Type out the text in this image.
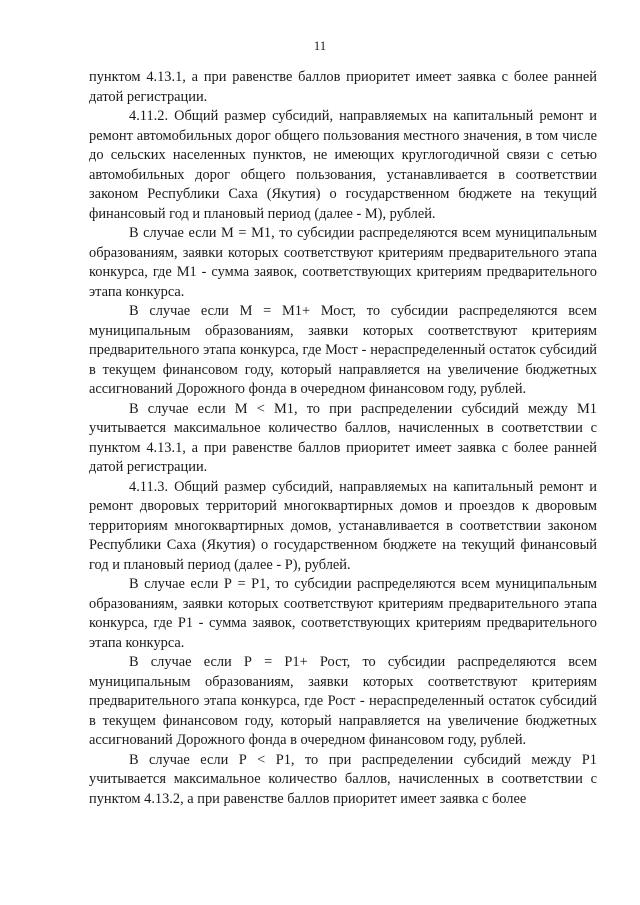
11

пунктом 4.13.1, а при равенстве баллов приоритет имеет заявка с более ранней датой регистрации.

4.11.2. Общий размер субсидий, направляемых на капитальный ремонт и ремонт автомобильных дорог общего пользования местного значения, в том числе до сельских населенных пунктов, не имеющих круглогодичной связи с сетью автомобильных дорог общего пользования, устанавливается в соответствии законом Республики Саха (Якутия) о государственном бюджете на текущий финансовый год и плановый период (далее - М), рублей.

В случае если М = М1, то субсидии распределяются всем муниципальным образованиям, заявки которых соответствуют критериям предварительного этапа конкурса, где М1 - сумма заявок, соответствующих критериям предварительного этапа конкурса.

В случае если М = М1+ Мост, то субсидии распределяются всем муниципальным образованиям, заявки которых соответствуют критериям предварительного этапа конкурса, где Мост - нераспределенный остаток субсидий в текущем финансовом году, который направляется на увеличение бюджетных ассигнований Дорожного фонда в очередном финансовом году, рублей.

В случае если М < М1, то при распределении субсидий между М1 учитывается максимальное количество баллов, начисленных в соответствии с пунктом 4.13.1, а при равенстве баллов приоритет имеет заявка с более ранней датой регистрации.

4.11.3. Общий размер субсидий, направляемых на капитальный ремонт и ремонт дворовых территорий многоквартирных домов и проездов к дворовым территориям многоквартирных домов, устанавливается в соответствии законом Республики Саха (Якутия) о государственном бюджете на текущий финансовый год и плановый период (далее - Р), рублей.

В случае если Р = Р1, то субсидии распределяются всем муниципальным образованиям, заявки которых соответствуют критериям предварительного этапа конкурса, где Р1 - сумма заявок, соответствующих критериям предварительного этапа конкурса.

В случае если Р = Р1+ Рост, то субсидии распределяются всем муниципальным образованиям, заявки которых соответствуют критериям предварительного этапа конкурса, где Рост - нераспределенный остаток субсидий в текущем финансовом году, который направляется на увеличение бюджетных ассигнований Дорожного фонда в очередном финансовом году, рублей.

В случае если Р < Р1, то при распределении субсидий между Р1 учитывается максимальное количество баллов, начисленных в соответствии с пунктом 4.13.2, а при равенстве баллов приоритет имеет заявка с более
